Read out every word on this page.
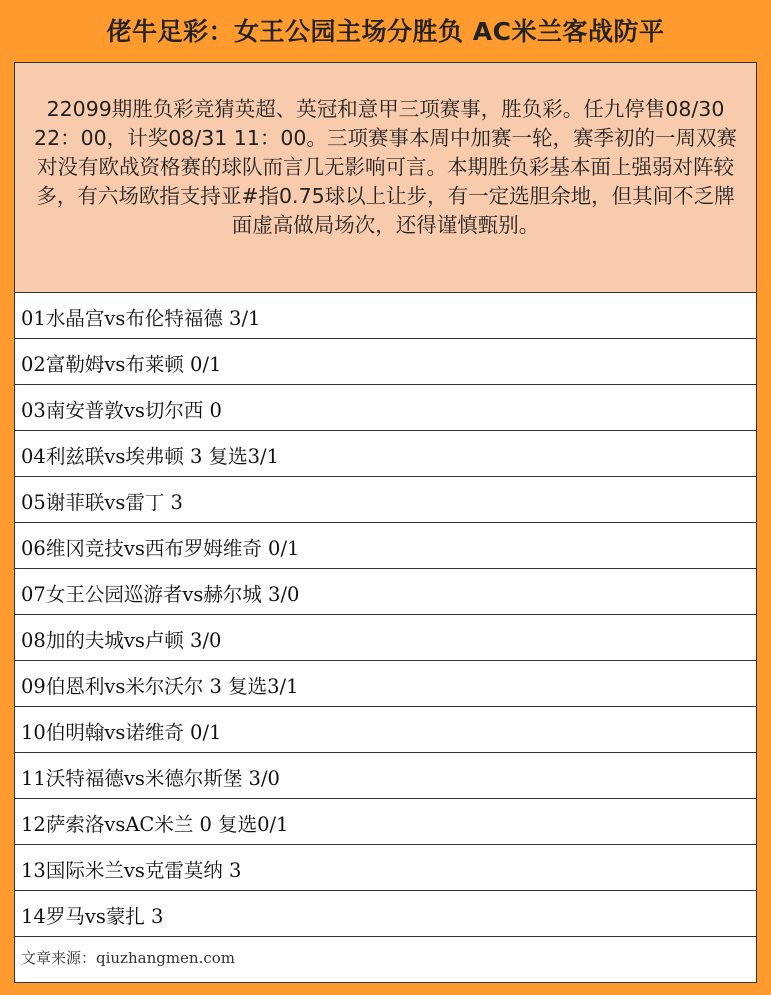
佬牛足彩：女王公园主场分胜负 AC米兰客战防平
22099期胜负彩竞猜英超、英冠和意甲三项赛事，胜负彩。任九停售08/30 22：00，计奖08/31 11：00。三项赛事本周中加赛一轮，赛季初的一周双赛对没有欧战资格赛的球队而言几无影响可言。本期胜负彩基本面上强弱对阵较多，有六场欧指支持亚#指0.75球以上让步，有一定选胆余地，但其间不乏牌面虚高做局场次，还得谨慎甄别。
01水晶宫vs布伦特福德 3/1
02富勒姆vs布莱顿 0/1
03南安普敦vs切尔西 0
04利兹联vs埃弗顿 3 复选3/1
05谢菲联vs雷丁 3
06维冈竞技vs西布罗姆维奇 0/1
07女王公园巡游者vs赫尔城 3/0
08加的夫城vs卢顿 3/0
09伯恩利vs米尔沃尔 3 复选3/1
10伯明翰vs诺维奇 0/1
11沃特福德vs米德尔斯堡 3/0
12萨索洛vsAC米兰 0 复选0/1
13国际米兰vs克雷莫纳 3
14罗马vs蒙扎 3
文章来源：qiuzhangmen.com
